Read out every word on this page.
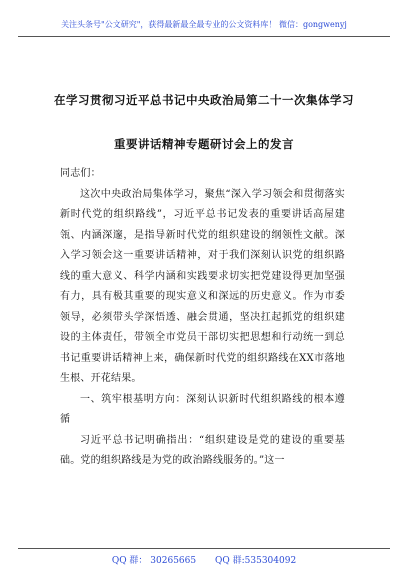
关注头条号"公文研究"，获得最新最全最专业的公文资料库！ 微信：gongwenyj
在学习贯彻习近平总书记中央政治局第二十一次集体学习
重要讲话精神专题研讨会上的发言

同志们：

这次中央政治局集体学习，聚焦“深入学习领会和贯彻落实新时代党的组织路线”，习近平总书记发表的重要讲话高屋建瓴、内涵深邃，是指导新时代党的组织建设的纲领性文献。深入学习领会这一重要讲话精神，对于我们深刻认识党的组织路线的重大意义、科学内涵和实践要求切实把党建设得更加坚强有力，具有极其重要的现实意义和深远的历史意义。作为市委领导，必须带头学深悟透、融会贯通，坚决扛起抓党的组织建设的主体责任，带领全市党员干部切实把思想和行动统一到总书记重要讲话精神上来，确保新时代党的组织路线在XX市落地生根、开花结果。

一、筑牢根基明方向：深刻认识新时代组织路线的根本遵循

习近平总书记明确指出：“组织建设是党的建设的重要基础。党的组织路线是为党的政治路线服务的。”这一

QQ 群： 30265665 QQ 群:535304092
